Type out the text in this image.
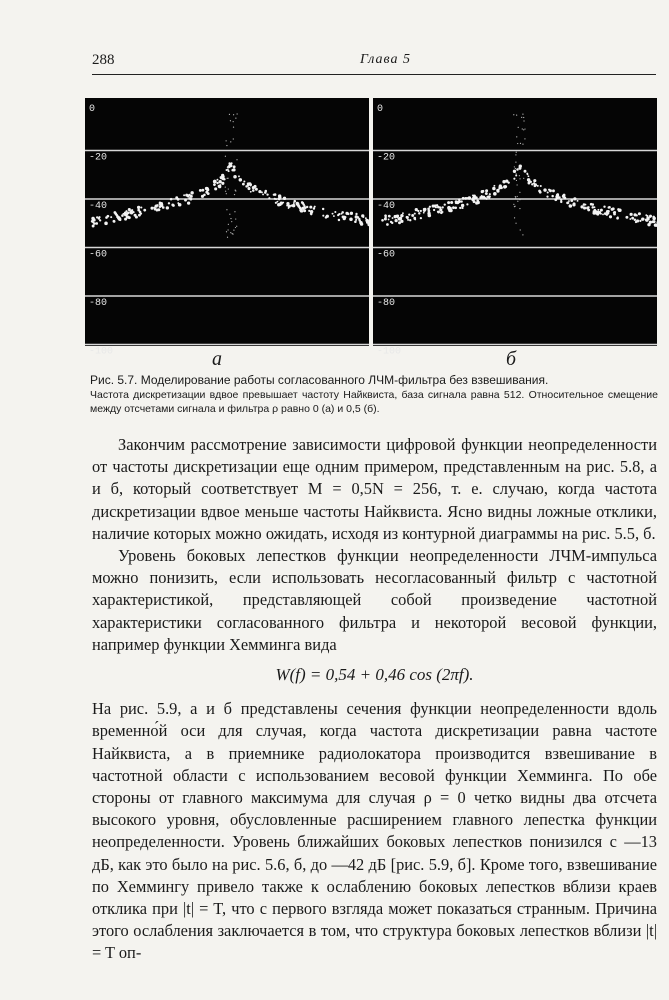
288	Глава 5
0
-20
-40
-60
-80
-100
0
-20
-40
-60
-80
-100
а	б
Рис. 5.7. Моделирование работы согласованного ЛЧМ-фильтра без взвешивания.
Частота дискретизации вдвое превышает частоту Найквиста, база сигнала равна 512. Относительное смещение между отсчетами сигнала и фильтра ρ равно 0 (а) и 0,5 (б).

Закончим рассмотрение зависимости цифровой функции неопределенности от частоты дискретизации еще одним примером, представленным на рис. 5.8, а и б, который соответствует M = 0,5N = 256, т. е. случаю, когда частота дискретизации вдвое меньше частоты Найквиста. Ясно видны ложные отклики, наличие которых можно ожидать, исходя из контурной диаграммы на рис. 5.5, б.

Уровень боковых лепестков функции неопределенности ЛЧМ-импульса можно понизить, если использовать несогласованный фильтр с частотной характеристикой, представляющей собой произведение частотной характеристики согласованного фильтра и некоторой весовой функции, например функции Хемминга вида

W(f) = 0,54 + 0,46 cos (2πf).

На рис. 5.9, а и б представлены сечения функции неопределенности вдоль временно́й оси для случая, когда частота дискретизации равна частоте Найквиста, а в приемнике радиолокатора производится взвешивание в частотной области с использованием весовой функции Хемминга. По обе стороны от главного максимума для случая ρ = 0 четко видны два отсчета высокого уровня, обусловленные расширением главного лепестка функции неопределенности. Уровень ближайших боковых лепестков понизился с —13 дБ, как это было на рис. 5.6, б, до —42 дБ [рис. 5.9, б]. Кроме того, взвешивание по Хеммингу привело также к ослаблению боковых лепестков вблизи краев отклика при |t| = T, что с первого взгляда может показаться странным. Причина этого ослабления заключается в том, что структура боковых лепестков вблизи |t| = T оп-
